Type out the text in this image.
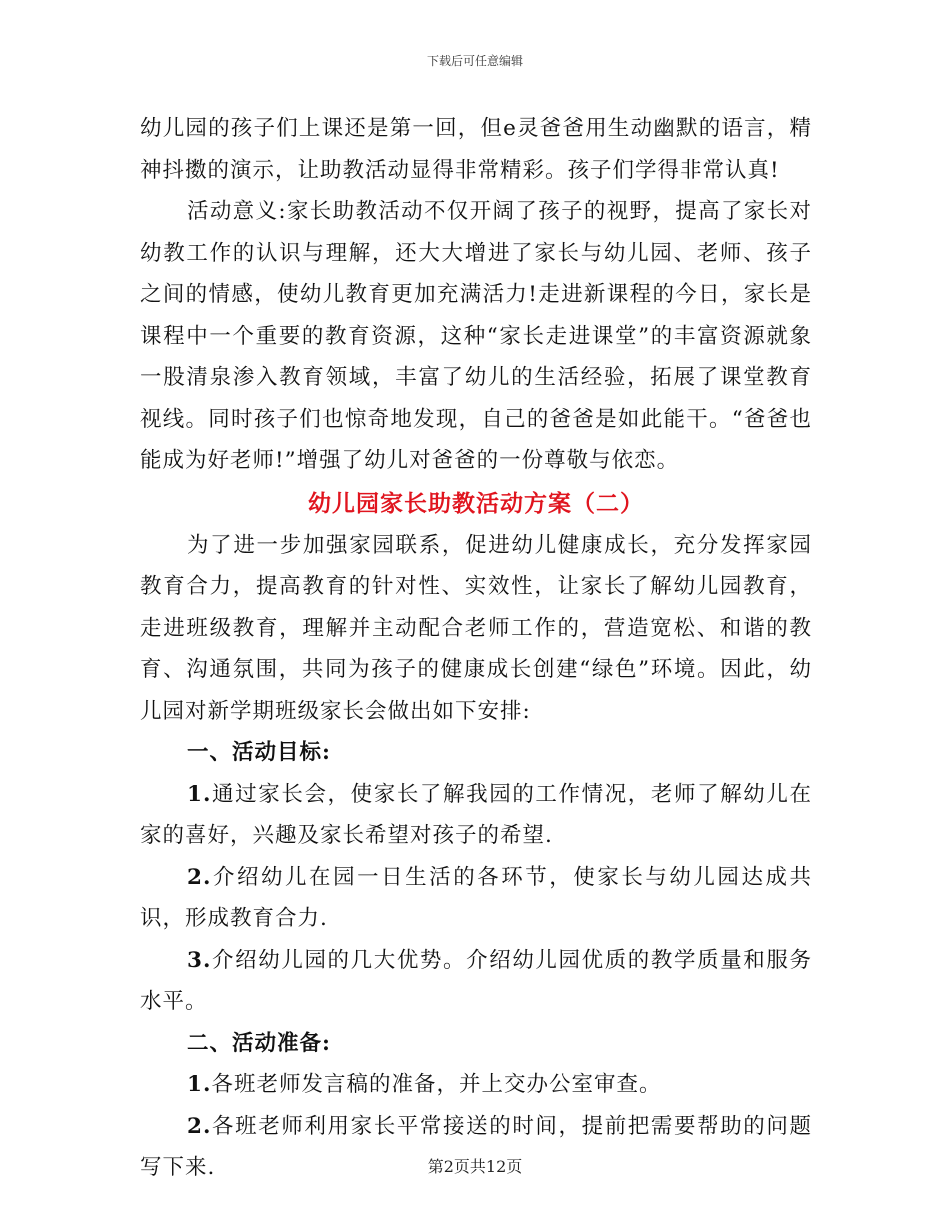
下载后可任意编辑

幼儿园的孩子们上课还是第一回，但e灵爸爸用生动幽默的语言，精神抖擞的演示，让助教活动显得非常精彩。孩子们学得非常认真!

活动意义:家长助教活动不仅开阔了孩子的视野，提高了家长对幼教工作的认识与理解，还大大增进了家长与幼儿园、老师、孩子之间的情感，使幼儿教育更加充满活力!走进新课程的今日，家长是课程中一个重要的教育资源，这种“家长走进课堂”的丰富资源就象一股清泉渗入教育领域，丰富了幼儿的生活经验，拓展了课堂教育视线。同时孩子们也惊奇地发现，自己的爸爸是如此能干。“爸爸也能成为好老师!”增强了幼儿对爸爸的一份尊敬与依恋。

幼儿园家长助教活动方案（二）

为了进一步加强家园联系，促进幼儿健康成长，充分发挥家园教育合力，提高教育的针对性、实效性，让家长了解幼儿园教育，走进班级教育，理解并主动配合老师工作的，营造宽松、和谐的教育、沟通氛围，共同为孩子的健康成长创建“绿色”环境。因此，幼儿园对新学期班级家长会做出如下安排:

一、活动目标:

1.通过家长会，使家长了解我园的工作情况，老师了解幼儿在家的喜好，兴趣及家长希望对孩子的希望.

2.介绍幼儿在园一日生活的各环节，使家长与幼儿园达成共识，形成教育合力.

3.介绍幼儿园的几大优势。介绍幼儿园优质的教学质量和服务水平。

二、活动准备:

1.各班老师发言稿的准备，并上交办公室审查。

2.各班老师利用家长平常接送的时间，提前把需要帮助的问题写下来.	第2页共12页
